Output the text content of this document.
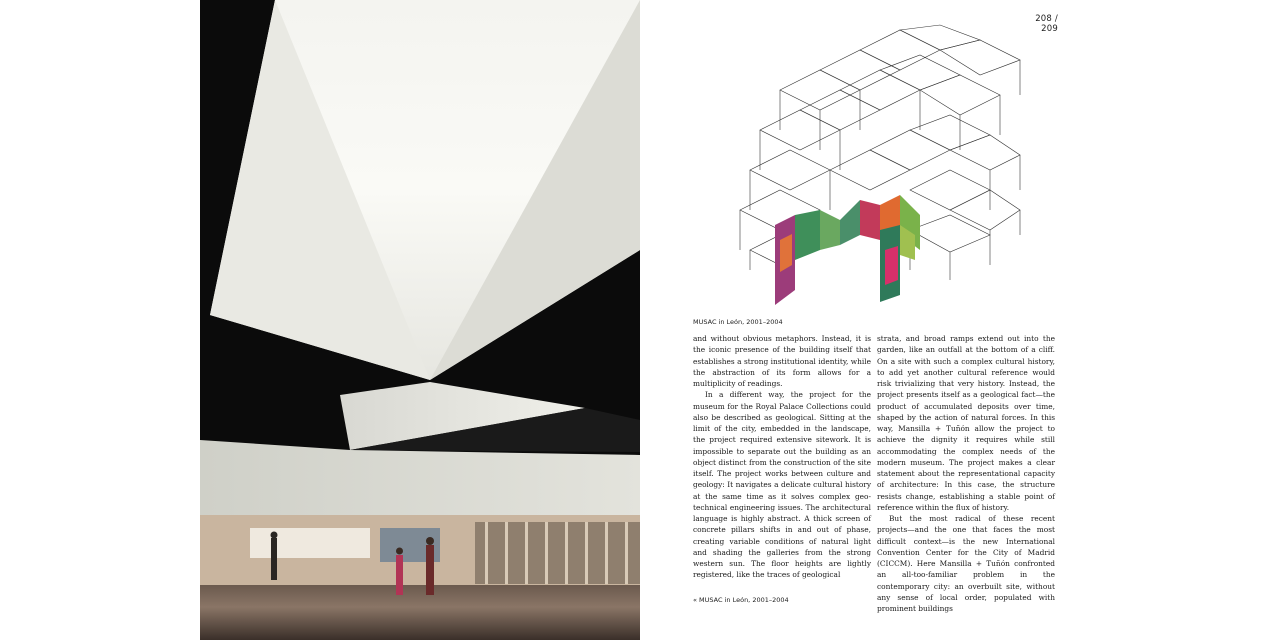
208 / 209
MUSAC in León, 2001–2004

and without obvious metaphors. Instead, it is the iconic presence of the building itself that establishes a strong institutional identity, while the abstraction of its form allows for a multiplicity of readings.

In a different way, the project for the museum for the Royal Palace Collections could also be described as geological. Sitting at the limit of the city, embedded in the landscape, the project required extensive sitework. It is impossible to separate out the building as an object distinct from the construction of the site itself. The project works between culture and geology: It navigates a delicate cultural history at the same time as it solves complex geo-technical engineering issues. The architectural language is highly abstract. A thick screen of concrete pillars shifts in and out of phase, creating variable conditions of natural light and shading the galleries from the strong western sun. The floor heights are lightly registered, like the traces of geological

strata, and broad ramps extend out into the garden, like an outfall at the bottom of a cliff. On a site with such a complex cultural history, to add yet another cultural reference would risk trivializing that very history. Instead, the project presents itself as a geological fact—the product of accumulated deposits over time, shaped by the action of natural forces. In this way, Mansilla + Tuñón allow the project to achieve the dignity it requires while still accommodating the complex needs of the modern museum. The project makes a clear statement about the representational capacity of architecture: In this case, the structure resists change, establishing a stable point of reference within the flux of history.

But the most radical of these recent projects—and the one that faces the most difficult context—is the new International Convention Center for the City of Madrid (CICCM). Here Mansilla + Tuñón confronted an all-too-familiar problem in the contemporary city: an overbuilt site, without any sense of local order, populated with prominent buildings

« MUSAC in León, 2001–2004
